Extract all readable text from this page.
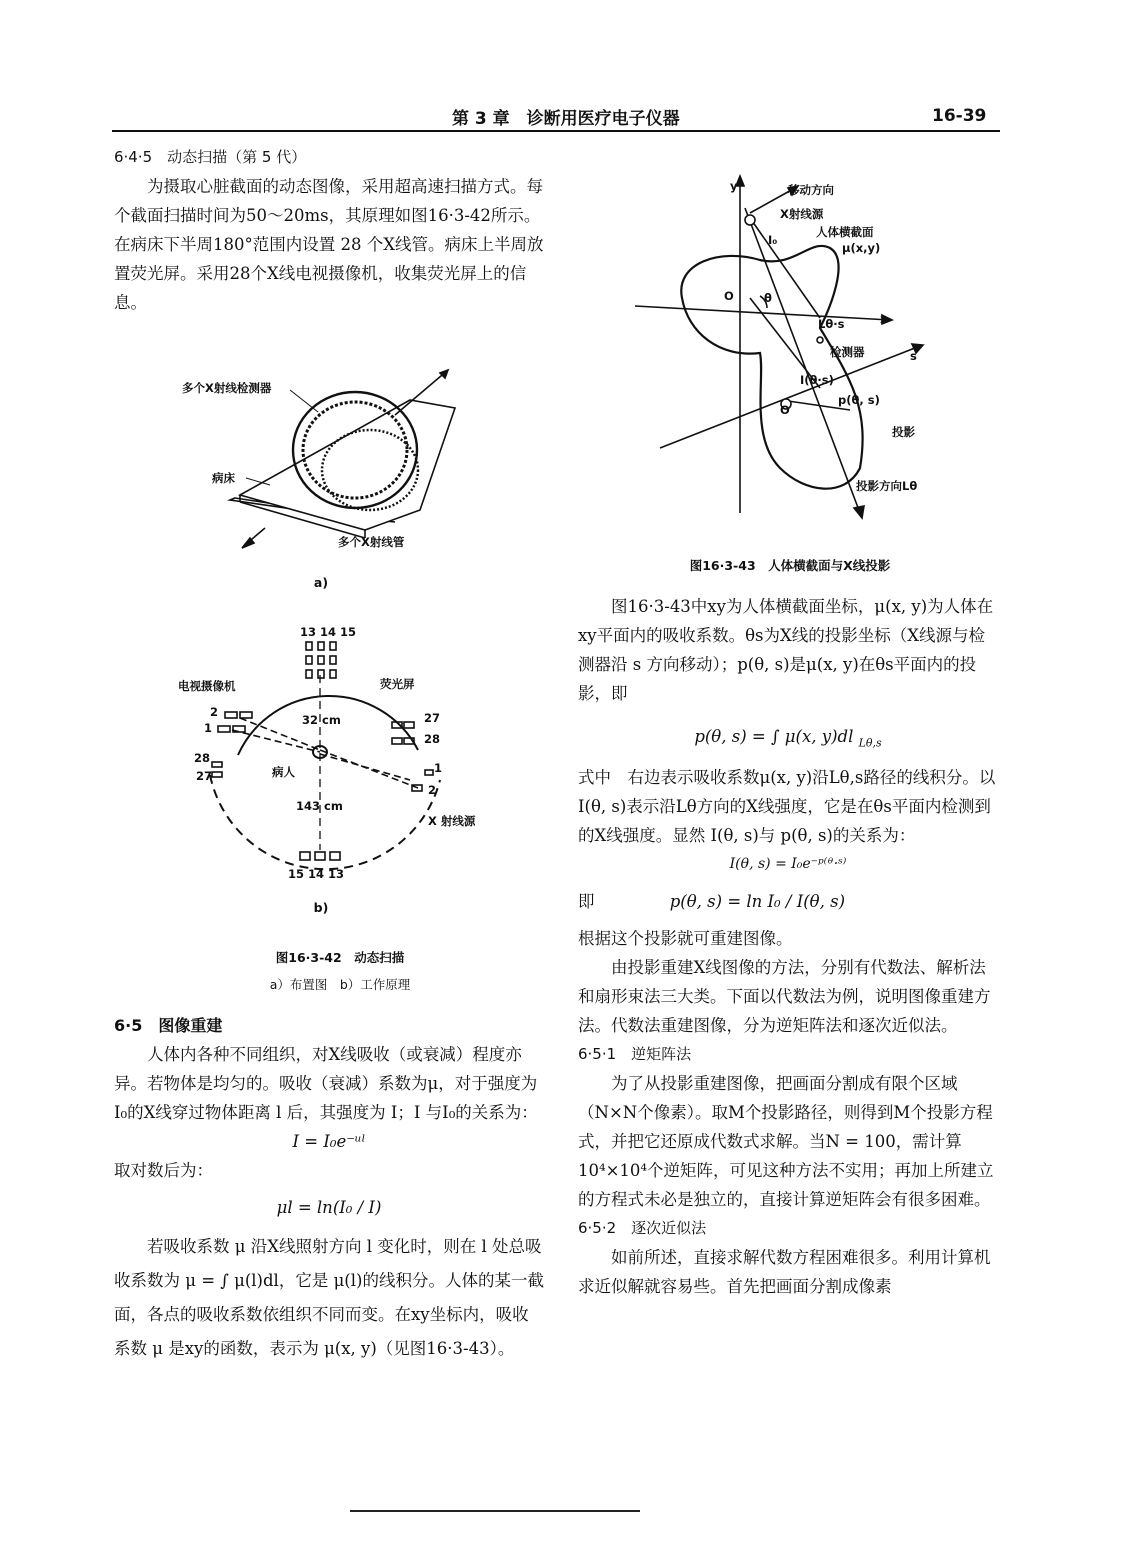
第 3 章　诊断用医疗电子仪器	16-39

6·4·5　动态扫描（第 5 代）

为摄取心脏截面的动态图像，采用超高速扫描方式。每个截面扫描时间为50～20ms，其原理如图16·3-42所示。在病床下半周180°范围内设置 28 个X线管。病床上半周放置荧光屏。采用28个X线电视摄像机，收集荧光屏上的信息。

多个X射线检测器
病床
多个X射线管
a)
13 14 15
电视摄像机	荧光屏
2
1
27
28
32 cm
28
27	病人	1
2
143 cm
X 射线源
15 14 13
b)
图16·3-42　动态扫描
a）布置图　b）工作原理

6·5　图像重建

人体内各种不同组织，对X线吸收（或衰减）程度亦异。若物体是均匀的。吸收（衰减）系数为μ，对于强度为I₀的X线穿过物体距离 l 后，其强度为 I；I 与I₀的关系为：

I = I₀e⁻ᵘˡ

取对数后为：

μl = ln(I₀ / I)

若吸收系数 μ 沿X线照射方向 l 变化时，则在 l 处总吸收系数为 μ = ∫ μ(l)dl，它是 μ(l)的线积分。人体的某一截面，各点的吸收系数依组织不同而变。在xy坐标内，吸收系数 μ 是xy的函数，表示为 μ(x, y)（见图16·3-43）。

y	移动方向
X射线源
I₀
人体横截面
μ(x,y)
O	θ
Lθ·s	x
检测器	s
I(θ·s)
O
p(θ, s)
投影
投影方向Lθ
图16·3-43　人体横截面与X线投影

图16·3-43中xy为人体横截面坐标，μ(x, y)为人体在xy平面内的吸收系数。θs为X线的投影坐标（X线源与检测器沿 s 方向移动）；p(θ, s)是μ(x, y)在θs平面内的投影，即

p(θ, s) = ∫ μ(x, y)dl $_{L\theta,s}$

式中　右边表示吸收系数μ(x, y)沿Lθ,s路径的线积分。以 I(θ, s)表示沿Lθ方向的X线强度，它是在θs平面内检测到的X线强度。显然 I(θ, s)与 p(θ, s)的关系为：

I(θ, s) = I₀e⁻ᵖ⁽ᶿ·ˢ⁾

即	p(θ, s) = ln I₀ / I(θ, s)

根据这个投影就可重建图像。

由投影重建X线图像的方法，分别有代数法、解析法和扇形束法三大类。下面以代数法为例，说明图像重建方法。代数法重建图像，分为逆矩阵法和逐次近似法。

6·5·1　逆矩阵法

为了从投影重建图像，把画面分割成有限个区域（N×N个像素）。取M个投影路径，则得到M个投影方程式，并把它还原成代数式求解。当N = 100，需计算10⁴×10⁴个逆矩阵，可见这种方法不实用；再加上所建立的方程式未必是独立的，直接计算逆矩阵会有很多困难。

6·5·2　逐次近似法

如前所述，直接求解代数方程困难很多。利用计算机求近似解就容易些。首先把画面分割成像素
